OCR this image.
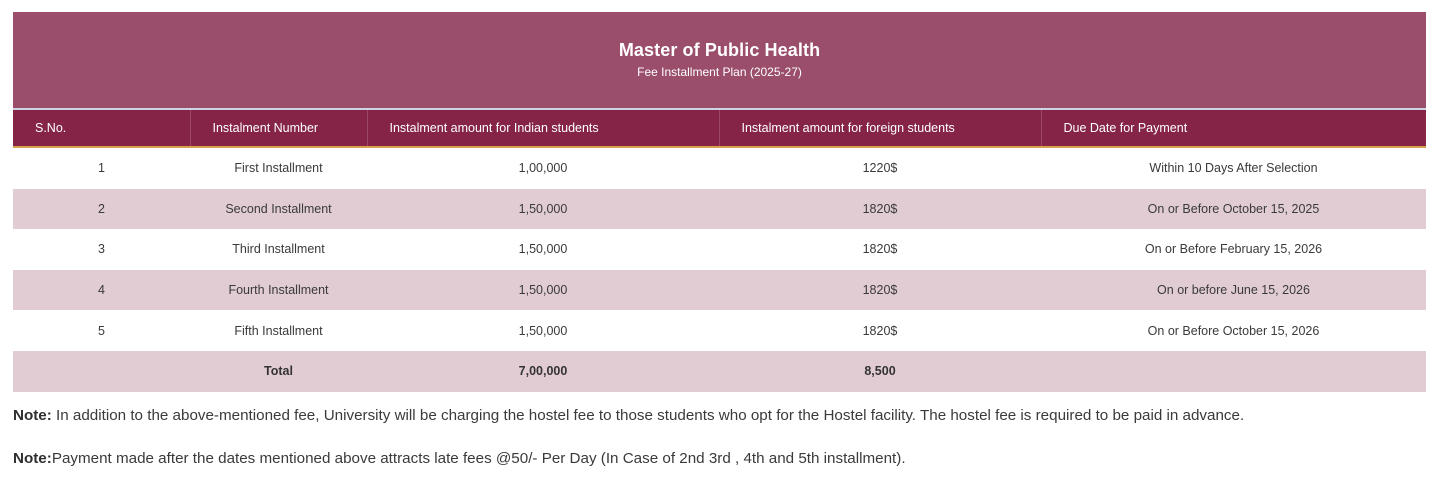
Master of Public Health
Fee Installment Plan (2025-27)
S.No.	Instalment Number	Instalment amount for Indian students	Instalment amount for foreign students	Due Date for Payment
1	First Installment	1,00,000	1220$	Within 10 Days After Selection
2	Second Installment	1,50,000	1820$	On or Before October 15, 2025
3	Third Installment	1,50,000	1820$	On or Before February 15, 2026
4	Fourth Installment	1,50,000	1820$	On or before June 15, 2026
5	Fifth Installment	1,50,000	1820$	On or Before October 15, 2026
	Total	7,00,000	8,500	
Note: In addition to the above-mentioned fee, University will be charging the hostel fee to those students who opt for the Hostel facility. The hostel fee is required to be paid in advance.
Note:Payment made after the dates mentioned above attracts late fees @50/- Per Day (In Case of 2nd 3rd , 4th and 5th installment).
